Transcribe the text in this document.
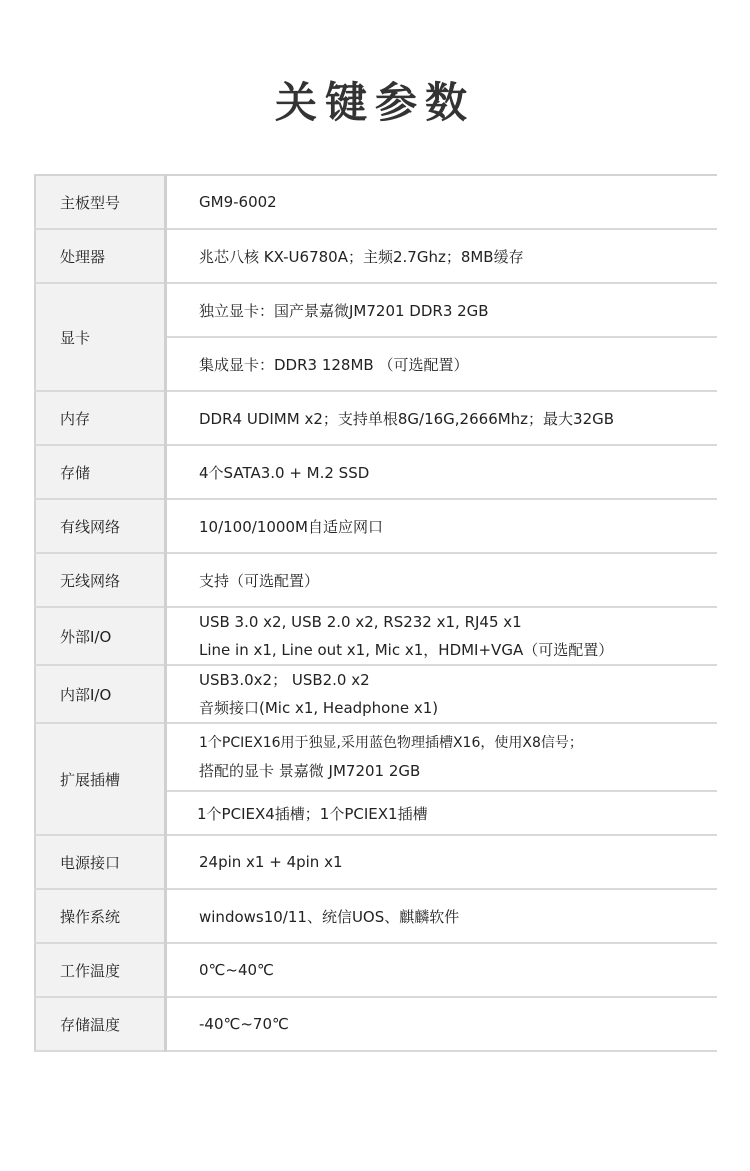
关键参数
主板型号	GM9-6002
处理器	兆芯八核 KX-U6780A；主频2.7Ghz；8MB缓存
显卡	独立显卡：国产景嘉微JM7201 DDR3 2GB
	集成显卡：DDR3 128MB （可选配置）
内存	DDR4 UDIMM x2；支持单根8G/16G,2666Mhz；最大32GB
存储	4个SATA3.0 + M.2 SSD
有线网络	10/100/1000M自适应网口
无线网络	支持（可选配置）
外部I/O	USB 3.0 x2, USB 2.0 x2, RS232 x1, RJ45 x1
Line in x1, Line out x1, Mic x1，HDMI+VGA（可选配置）

内部I/O	USB3.0x2； USB2.0 x2
音频接口(Mic x1, Headphone x1)

扩展插槽	1个PCIEX16用于独显,采用蓝色物理插槽X16，使用X8信号；
搭配的显卡 景嘉微 JM7201 2GB

	1个PCIEX4插槽；1个PCIEX1插槽
电源接口	24pin x1 + 4pin x1
操作系统	windows10/11、统信UOS、麒麟软件
工作温度	0℃~40℃
存储温度	-40℃~70℃
